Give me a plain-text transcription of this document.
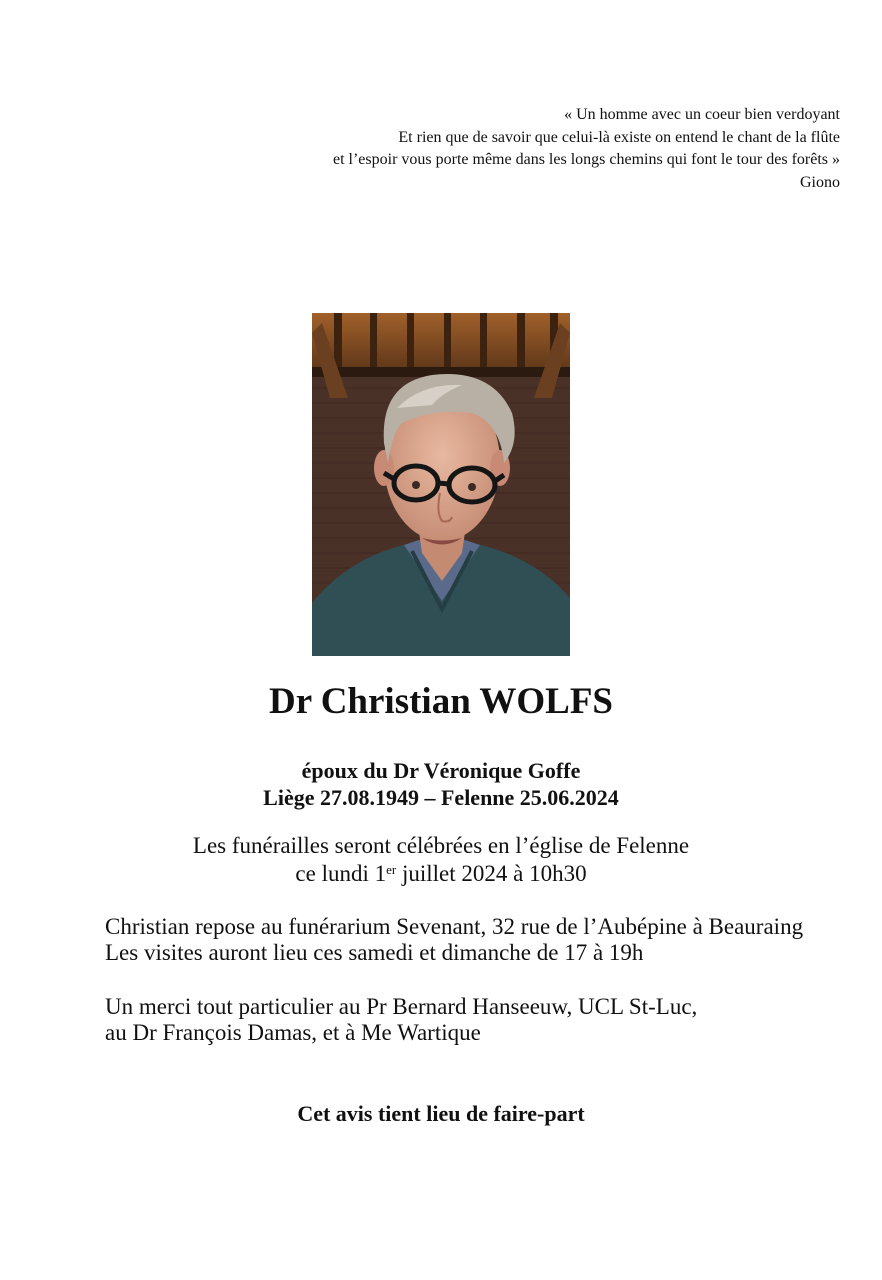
« Un homme avec un coeur bien verdoyant
Et rien que de savoir que celui-là existe on entend le chant de la flûte
et l’espoir vous porte même dans les longs chemins qui font le tour des forêts »
Giono
Dr Christian WOLFS
époux du Dr Véronique Goffe
Liège 27.08.1949 – Felenne 25.06.2024
Les funérailles seront célébrées en l’église de Felenne
ce lundi 1er juillet 2024 à 10h30
Christian repose au funérarium Sevenant, 32 rue de l’Aubépine à Beauraing
Les visites auront lieu ces samedi et dimanche de 17 à 19h
Un merci tout particulier au Pr Bernard Hanseeuw, UCL St-Luc,
au Dr François Damas, et à Me Wartique
Cet avis tient lieu de faire-part
